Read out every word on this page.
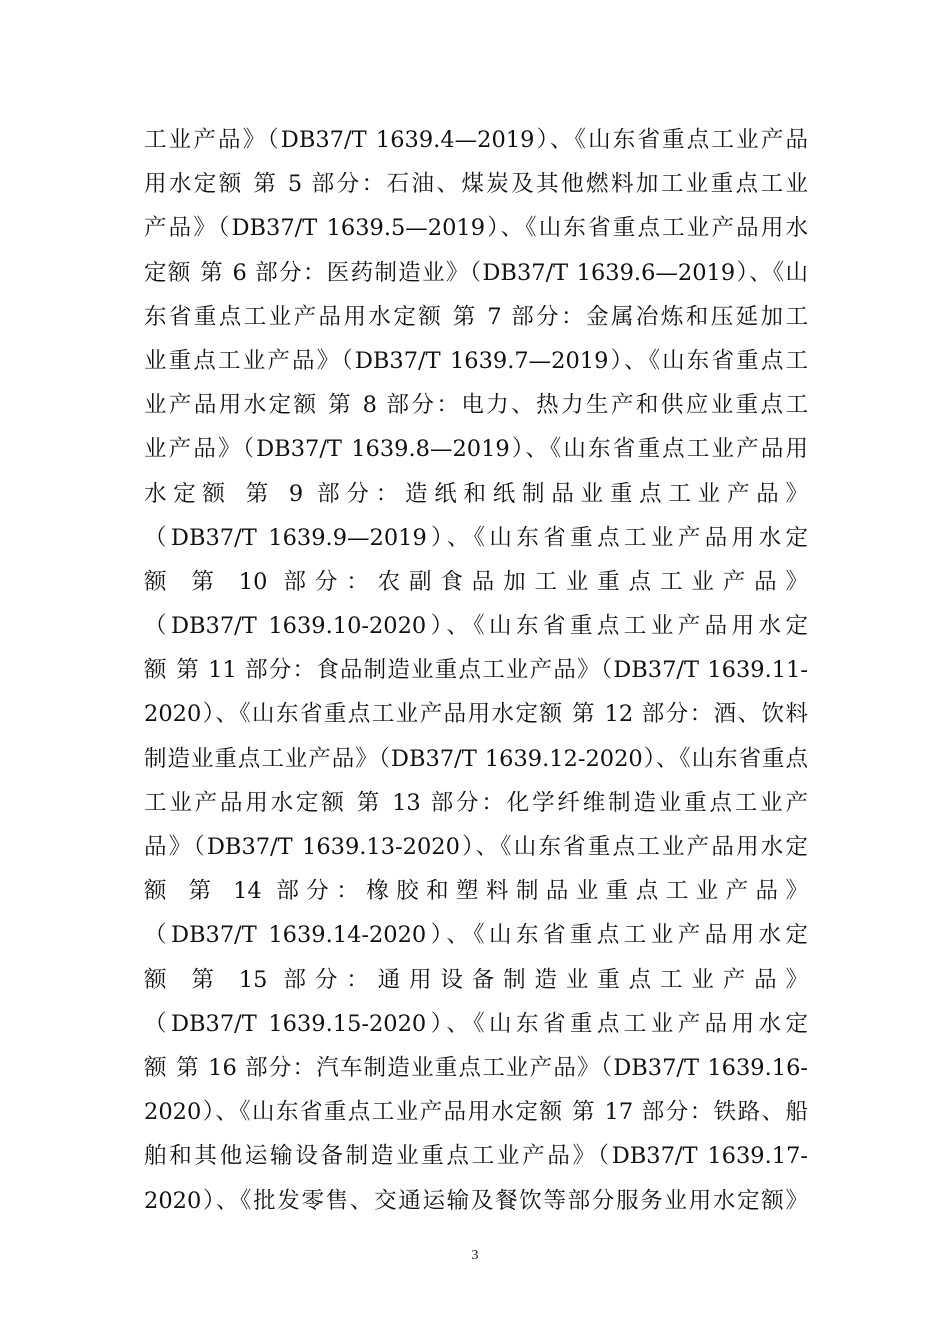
工业产品》（DB37/T 1639.4—2019）、《山东省重点工业产品
用水定额 第 5 部分：石油、煤炭及其他燃料加工业重点工业
产品》（DB37/T 1639.5—2019）、《山东省重点工业产品用水
定额 第 6 部分：医药制造业》（DB37/T 1639.6—2019）、《山
东省重点工业产品用水定额 第 7 部分：金属冶炼和压延加工
业重点工业产品》（DB37/T 1639.7—2019）、《山东省重点工
业产品用水定额 第 8 部分：电力、热力生产和供应业重点工
业产品》（DB37/T 1639.8—2019）、《山东省重点工业产品用
水定额 第 9 部分：造纸和纸制品业重点工业产品》
（DB37/T 1639.9—2019）、《山东省重点工业产品用水定
额 第 10 部分：农副食品加工业重点工业产品》
（DB37/T 1639.10-2020）、《山东省重点工业产品用水定
额 第 11 部分：食品制造业重点工业产品》（DB37/T 1639.11-
2020）、《山东省重点工业产品用水定额 第 12 部分：酒、饮料
制造业重点工业产品》（DB37/T 1639.12-2020）、《山东省重点
工业产品用水定额 第 13 部分：化学纤维制造业重点工业产
品》（DB37/T 1639.13-2020）、《山东省重点工业产品用水定
额 第 14 部分：橡胶和塑料制品业重点工业产品》
（DB37/T 1639.14-2020）、《山东省重点工业产品用水定
额 第 15 部分：通用设备制造业重点工业产品》
（DB37/T 1639.15-2020）、《山东省重点工业产品用水定
额 第 16 部分：汽车制造业重点工业产品》（DB37/T 1639.16-
2020）、《山东省重点工业产品用水定额 第 17 部分：铁路、船
舶和其他运输设备制造业重点工业产品》（DB37/T 1639.17-
2020）、《批发零售、交通运输及餐饮等部分服务业用水定额》
3
